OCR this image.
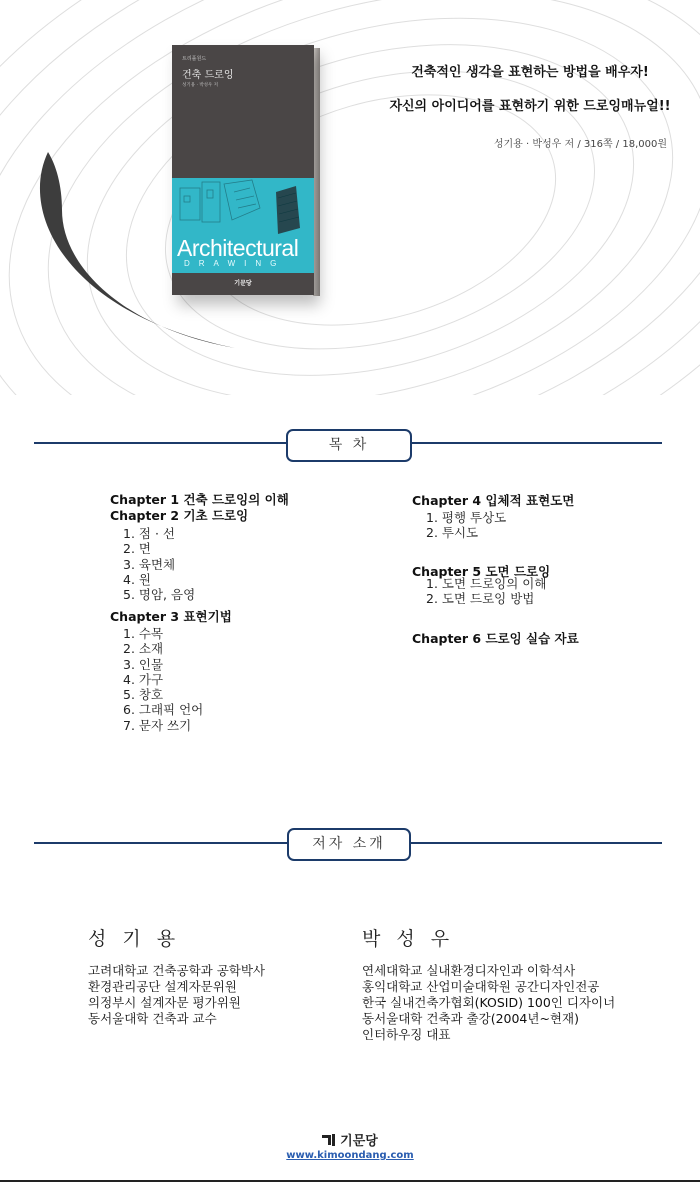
트리플원드
건축 드로잉
성기용 · 박성우 저
Architectural
DRAWING
기문당
건축적인 생각을 표현하는 방법을 배우자!
자신의 아이디어를 표현하기 위한 드로잉매뉴얼!!
성기용 · 박성우 저 / 316쪽 / 18,000원
목 차
Chapter 1 건축 드로잉의 이해
Chapter 2 기초 드로잉
1. 점 · 선
2. 면
3. 육면체
4. 원
5. 명암, 음영
Chapter 3 표현기법
1. 수목
2. 소재
3. 인물
4. 가구
5. 창호
6. 그래픽 언어
7. 문자 쓰기
Chapter 4 입체적 표현도면
1. 평행 투상도
2. 투시도
Chapter 5 도면 드로잉
1. 도면 드로잉의 이해
2. 도면 드로잉 방법
Chapter 6 드로잉 실습 자료
저자 소개
성 기 용
고려대학교 건축공학과 공학박사
환경관리공단 설계자문위원
의정부시 설계자문 평가위원
동서울대학 건축과 교수
박 성 우
연세대학교 실내환경디자인과 이학석사
홍익대학교 산업미술대학원 공간디자인전공
한국 실내건축가협회(KOSID) 100인 디자이너
동서울대학 건축과 출강(2004년~현재)
인터하우징 대표
기문당
www.kimoondang.com
